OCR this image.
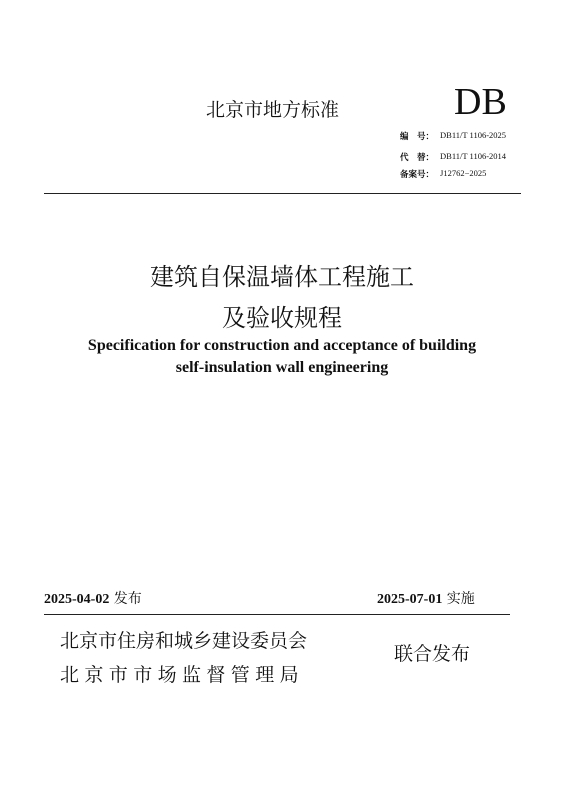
北京市地方标准	DB
编　号： DB11/T 1106-2025
代　替： DB11/T 1106-2014
备案号： J12762−2025
建筑自保温墙体工程施工
及验收规程
Specification for construction and acceptance of building
self-insulation wall engineering
2025-04-02 发布	2025-07-01 实施
北京市住房和城乡建设委员会
北京市市场监督管理局
联合发布
